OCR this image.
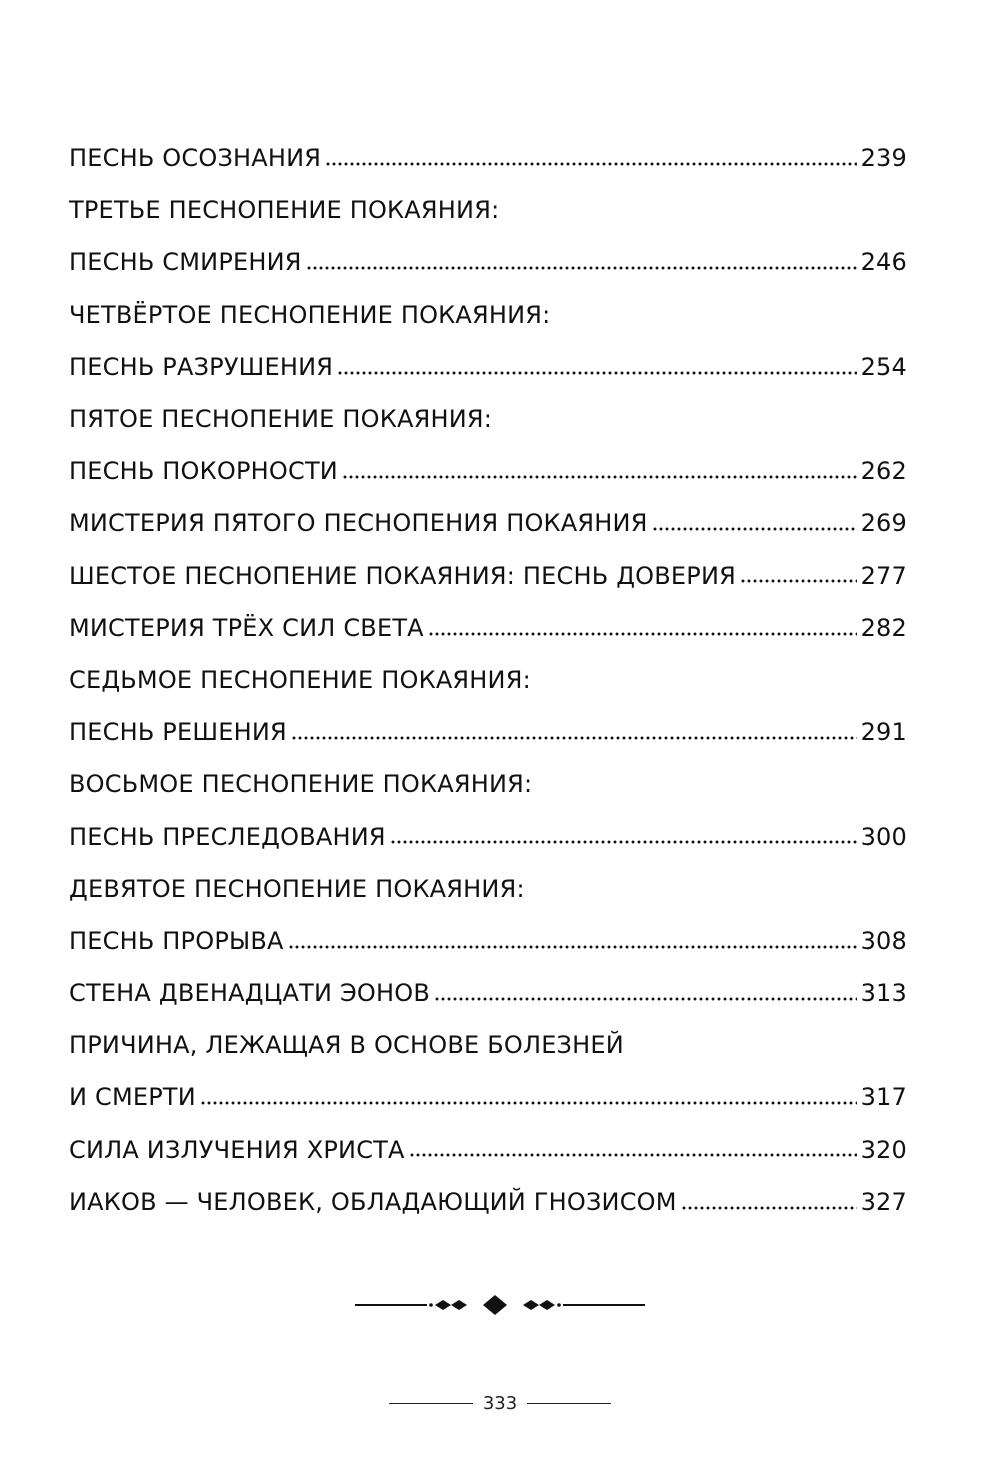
ПЕСНЬ ОСОЗНАНИЯ	239
ТРЕТЬЕ ПЕСНОПЕНИЕ ПОКАЯНИЯ:
ПЕСНЬ СМИРЕНИЯ	246
ЧЕТВЁРТОЕ ПЕСНОПЕНИЕ ПОКАЯНИЯ:
ПЕСНЬ РАЗРУШЕНИЯ	254
ПЯТОЕ ПЕСНОПЕНИЕ ПОКАЯНИЯ:
ПЕСНЬ ПОКОРНОСТИ	262
МИСТЕРИЯ ПЯТОГО ПЕСНОПЕНИЯ ПОКАЯНИЯ	269
ШЕСТОЕ ПЕСНОПЕНИЕ ПОКАЯНИЯ: ПЕСНЬ ДОВЕРИЯ	277
МИСТЕРИЯ ТРЁХ СИЛ СВЕТА	282
СЕДЬМОЕ ПЕСНОПЕНИЕ ПОКАЯНИЯ:
ПЕСНЬ РЕШЕНИЯ	291
ВОСЬМОЕ ПЕСНОПЕНИЕ ПОКАЯНИЯ:
ПЕСНЬ ПРЕСЛЕДОВАНИЯ	300
ДЕВЯТОЕ ПЕСНОПЕНИЕ ПОКАЯНИЯ:
ПЕСНЬ ПРОРЫВА	308
СТЕНА ДВЕНАДЦАТИ ЭОНОВ	313
ПРИЧИНА, ЛЕЖАЩАЯ В ОСНОВЕ БОЛЕЗНЕЙ
И СМЕРТИ	317
СИЛА ИЗЛУЧЕНИЯ ХРИСТА	320
ИАКОВ — ЧЕЛОВЕК, ОБЛАДАЮЩИЙ ГНОЗИСОМ	327
333
